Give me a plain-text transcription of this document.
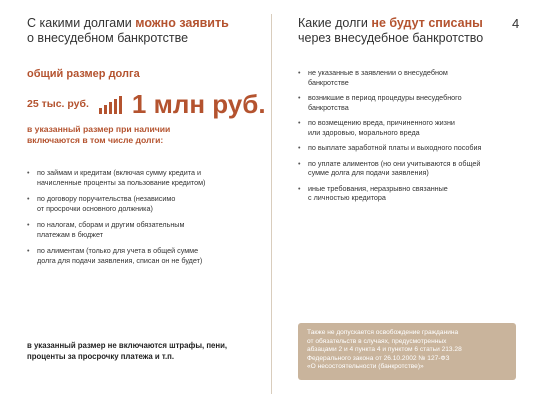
С какими долгами можно заявить
о внесудебном банкротстве
общий размер долга
25 тыс. руб. 1 млн руб.
в указанный размер при наличии
включаются в том числе долги:
• по займам и кредитам (включая сумму кредита и
начисленные проценты за пользование кредитом)
• по договору поручительства (независимо
от просрочки основного должника)
• по налогам, сборам и другим обязательным
платежам в бюджет
• по алиментам (только для учета в общей сумме
долга для подачи заявления, списан он не будет)
в указанный размер не включаются штрафы, пени,
проценты за просрочку платежа и т.п.
Какие долги не будут списаны
через внесудебное банкротство
4
• не указанные в заявлении о внесудебном
банкротстве
• возникшие в период процедуры внесудебного
банкротства
• по возмещению вреда, причиненного жизни
или здоровью, морального вреда
• по выплате заработной платы и выходного пособия
• по уплате алиментов (но они учитываются в общей
сумме долга для подачи заявления)
• иные требования, неразрывно связанные
с личностью кредитора

Также не допускается освобождение гражданина
от обязательств в случаях, предусмотренных
абзацами 2 и 4 пункта 4 и пунктом 6 статьи 213.28
Федерального закона от 26.10.2002 № 127-ФЗ
«О несостоятельности (банкротстве)»
